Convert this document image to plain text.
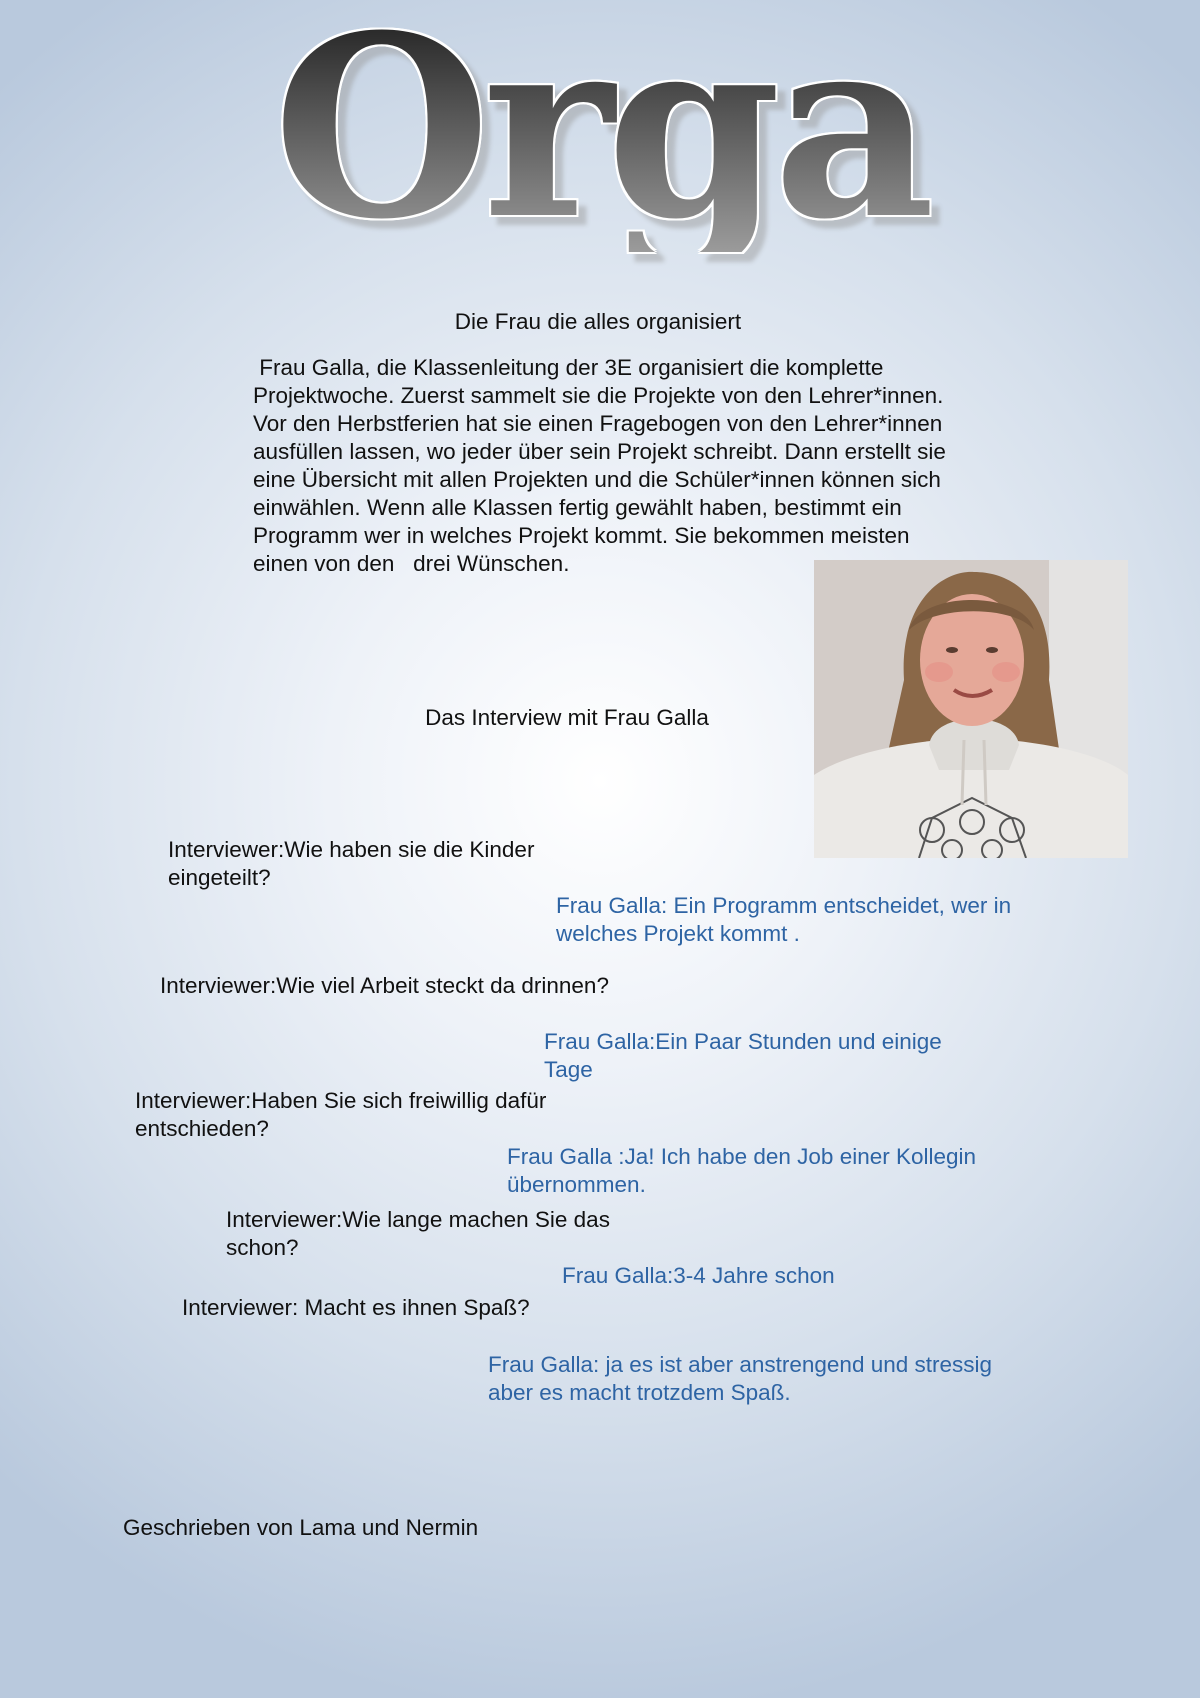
Orga
Die Frau die alles organisiert
Frau Galla, die Klassenleitung der 3E organisiert die komplette
Projektwoche. Zuerst sammelt sie die Projekte von den Lehrer*innen.
Vor den Herbstferien hat sie einen Fragebogen von den Lehrer*innen
ausfüllen lassen, wo jeder über sein Projekt schreibt. Dann erstellt sie
eine Übersicht mit allen Projekten und die Schüler*innen können sich
einwählen. Wenn alle Klassen fertig gewählt haben, bestimmt ein
Programm wer in welches Projekt kommt. Sie bekommen meisten
einen von den   drei Wünschen.
Das Interview mit Frau Galla
Interviewer:Wie haben sie die Kinder
eingeteilt?
Frau Galla: Ein Programm entscheidet, wer in
welches Projekt kommt .
Interviewer:Wie viel Arbeit steckt da drinnen?
Frau Galla:Ein Paar Stunden und einige
Tage
Interviewer:Haben Sie sich freiwillig dafür
entschieden?
Frau Galla :Ja! Ich habe den Job einer Kollegin
übernommen.
Interviewer:Wie lange machen Sie das
schon?
Frau Galla:3-4 Jahre schon
Interviewer: Macht es ihnen Spaß?
Frau Galla: ja es ist aber anstrengend und stressig
aber es macht trotzdem Spaß.
Geschrieben von Lama und Nermin
